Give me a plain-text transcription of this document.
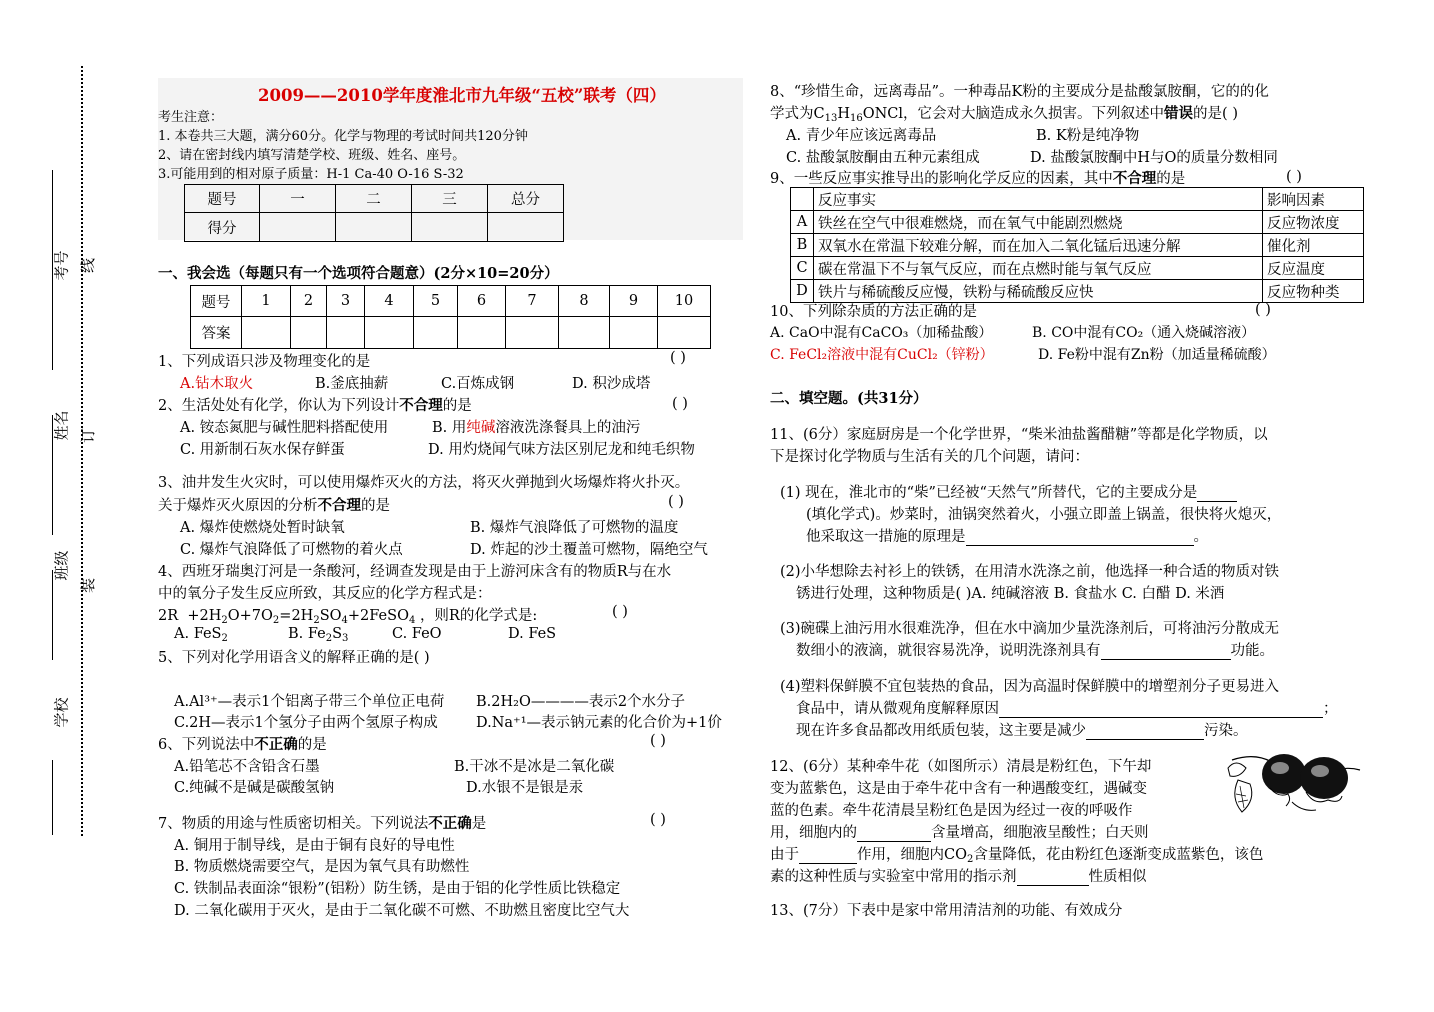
考号 线
姓名 订
班级
装
学校
2009——2010学年度淮北市九年级“五校”联考（四）
考生注意：
1. 本卷共三大题，满分60分。化学与物理的考试时间共120分钟
2、请在密封线内填写清楚学校、班级、姓名、座号。
3.可能用到的相对原子质量：H-1 Ca-40 O-16 S-32
题号	一	二	三	总分
得分				
一、我会选（每题只有一个选项符合题意）(2分×10=20分）
题号	1	2	3	4	5	6	7	8	9	10
答案										
1、下列成语只涉及物理变化的是	( )
A.钻木取火	B.釜底抽薪	C.百炼成钢	D. 积沙成塔
2、生活处处有化学，你认为下列设计不合理的是	( )
A. 铵态氮肥与碱性肥料搭配使用	B. 用纯碱溶液洗涤餐具上的油污
C. 用新制石灰水保存鲜蛋	D. 用灼烧闻气味方法区别尼龙和纯毛织物
3、油井发生火灾时，可以使用爆炸灭火的方法，将灭火弹抛到火场爆炸将火扑灭。
关于爆炸灭火原因的分析不合理的是	( )
A. 爆炸使燃烧处暂时缺氧	B. 爆炸气浪降低了可燃物的温度
C. 爆炸气浪降低了可燃物的着火点	D. 炸起的沙土覆盖可燃物，隔绝空气
4、西班牙瑞奥汀河是一条酸河，经调查发现是由于上游河床含有的物质R与在水
中的氧分子发生反应所致，其反应的化学方程式是：
$2R +2H_2O+7O_2=2H_2SO_4+2FeSO_4$ ，则R的化学式是:	( )
A. FeS$_2$	B. $Fe_2S_3$	C. FeO	D. FeS
5、下列对化学用语含义的解释正确的是( )
A.Al³⁺—表示1个铝离子带三个单位正电荷 B.2H₂O————表示2个水分子
C.2H—表示1个氢分子由两个氢原子构成	D.Na⁺¹—表示钠元素的化合价为+1价
6、下列说法中不正确的是	( )
A.铅笔芯不含铅含石墨	B.干冰不是冰是二氧化碳
C.纯碱不是碱是碳酸氢钠	D.水银不是银是汞
7、物质的用途与性质密切相关。下列说法不正确是	( )
A. 铜用于制导线，是由于铜有良好的导电性
B. 物质燃烧需要空气，是因为氧气具有助燃性
C. 铁制品表面涂“银粉”(铝粉）防生锈，是由于铝的化学性质比铁稳定
D. 二氧化碳用于灭火，是由于二氧化碳不可燃、不助燃且密度比空气大
8、“珍惜生命，远离毒品”。一种毒品K粉的主要成分是盐酸氯胺酮，它的的化
学式为$C_{13}H_{16}ONCl$，它会对大脑造成永久损害。下列叙述中错误的是( )
A. 青少年应该远离毒品	B. K粉是纯净物
C. 盐酸氯胺酮由五种元素组成	D. 盐酸氯胺酮中H与O的质量分数相同
9、一些反应事实推导出的影响化学反应的因素，其中不合理的是	( )
	反应事实	影响因素
A	铁丝在空气中很难燃烧，而在氧气中能剧烈燃烧	反应物浓度
B	双氧水在常温下较难分解，而在加入二氧化锰后迅速分解	催化剂
C	碳在常温下不与氧气反应，而在点燃时能与氧气反应	反应温度
D	铁片与稀硫酸反应慢，铁粉与稀硫酸反应快	反应物种类
10、下列除杂质的方法正确的是	( )
A. CaO中混有CaCO₃（加稀盐酸）	B. CO中混有CO₂（通入烧碱溶液）
C. FeCl₂溶液中混有CuCl₂（锌粉）	D. Fe粉中混有Zn粉（加适量稀硫酸）
二、填空题。(共31分）
11、(6分）家庭厨房是一个化学世界，“柴米油盐酱醋糖”等都是化学物质，以
下是探讨化学物质与生活有关的几个问题，请问：
(1) 现在，淮北市的“柴”已经被“天然气”所替代，它的主要成分是
(填化学式)。炒菜时，油锅突然着火，小强立即盖上锅盖，很快将火熄灭，
他采取这一措施的原理是	。
(2)小华想除去衬衫上的铁锈，在用清水洗涤之前，他选择一种合适的物质对铁
锈进行处理，这种物质是( )A. 纯碱溶液 B. 食盐水 C. 白醋 D. 米酒
(3)碗碟上油污用水很难洗净，但在水中滴加少量洗涤剂后，可将油污分散成无
数细小的液滴，就很容易洗净，说明洗涤剂具有	功能。
(4)塑料保鲜膜不宜包装热的食品，因为高温时保鲜膜中的增塑剂分子更易进入
食品中，请从微观角度解释原因	；
现在许多食品都改用纸质包装，这主要是减少	污染。
12、(6分）某种牵牛花（如图所示）清晨是粉红色，下午却
变为蓝紫色，这是由于牵牛花中含有一种遇酸变红，遇碱变
蓝的色素。牵牛花清晨呈粉红色是因为经过一夜的呼吸作
用，细胞内的	含量增高，细胞液呈酸性；白天则
由于	作用，细胞内$CO_2$含量降低，花由粉红色逐渐变成蓝紫色，该色
素的这种性质与实验室中常用的指示剂	性质相似
13、(7分）下表中是家中常用清洁剂的功能、有效成分
